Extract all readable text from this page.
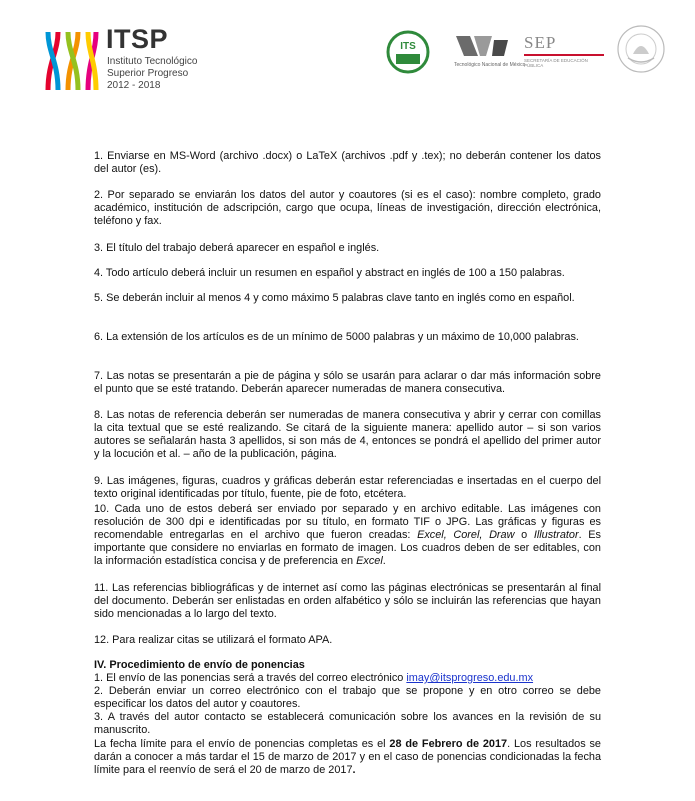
ITSP
Instituto Tecnológico
Superior Progreso
2012 - 2018
ITS
Tecnológico Nacional de México
SEP
SECRETARÍA DE EDUCACIÓN PÚBLICA

1. Enviarse en MS-Word (archivo .docx) o LaTeX (archivos .pdf y .tex); no deberán contener los datos del autor (es).

2. Por separado se enviarán los datos del autor y coautores (si es el caso): nombre completo, grado académico, institución de adscripción, cargo que ocupa, líneas de investigación, dirección electrónica, teléfono y fax.

3. El título del trabajo deberá aparecer en español e inglés.

4. Todo artículo deberá incluir un resumen en español y abstract en inglés de 100 a 150 palabras.

5. Se deberán incluir al menos 4 y como máximo 5 palabras clave tanto en inglés como en español.

6. La extensión de los artículos es de un mínimo de 5000 palabras y un máximo de 10,000 palabras.

7. Las notas se presentarán a pie de página y sólo se usarán para aclarar o dar más información sobre el punto que se esté tratando. Deberán aparecer numeradas de manera consecutiva.

8. Las notas de referencia deberán ser numeradas de manera consecutiva y abrir y cerrar con comillas la cita textual que se esté realizando. Se citará de la siguiente manera: apellido autor – si son varios autores se señalarán hasta 3 apellidos, si son más de 4, entonces se pondrá el apellido del primer autor y la locución et al. – año de la publicación, página.

9. Las imágenes, figuras, cuadros y gráficas deberán estar referenciadas e insertadas en el cuerpo del texto original identificadas por título, fuente, pie de foto, etcétera.

10. Cada uno de estos deberá ser enviado por separado y en archivo editable. Las imágenes con resolución de 300 dpi e identificadas por su título, en formato TIF o JPG. Las gráficas y figuras es recomendable entregarlas en el archivo que fueron creadas: Excel, Corel, Draw o Illustrator. Es importante que considere no enviarlas en formato de imagen. Los cuadros deben de ser editables, con la información estadística concisa y de preferencia en Excel.

11. Las referencias bibliográficas y de internet así como las páginas electrónicas se presentarán al final del documento. Deberán ser enlistadas en orden alfabético y sólo se incluirán las referencias que hayan sido mencionadas a lo largo del texto.

12. Para realizar citas se utilizará el formato APA.

IV. Procedimiento de envío de ponencias

1. El envío de las ponencias será a través del correo electrónico imay@itsprogreso.edu.mx

2. Deberán enviar un correo electrónico con el trabajo que se propone y en otro correo se debe especificar los datos del autor y coautores.

3. A través del autor contacto se establecerá comunicación sobre los avances en la revisión de su manuscrito.

La fecha límite para el envío de ponencias completas es el 28 de Febrero de 2017. Los resultados se darán a conocer a más tardar el 15 de marzo de 2017 y en el caso de ponencias condicionadas la fecha límite para el reenvío de será el 20 de marzo de 2017.
